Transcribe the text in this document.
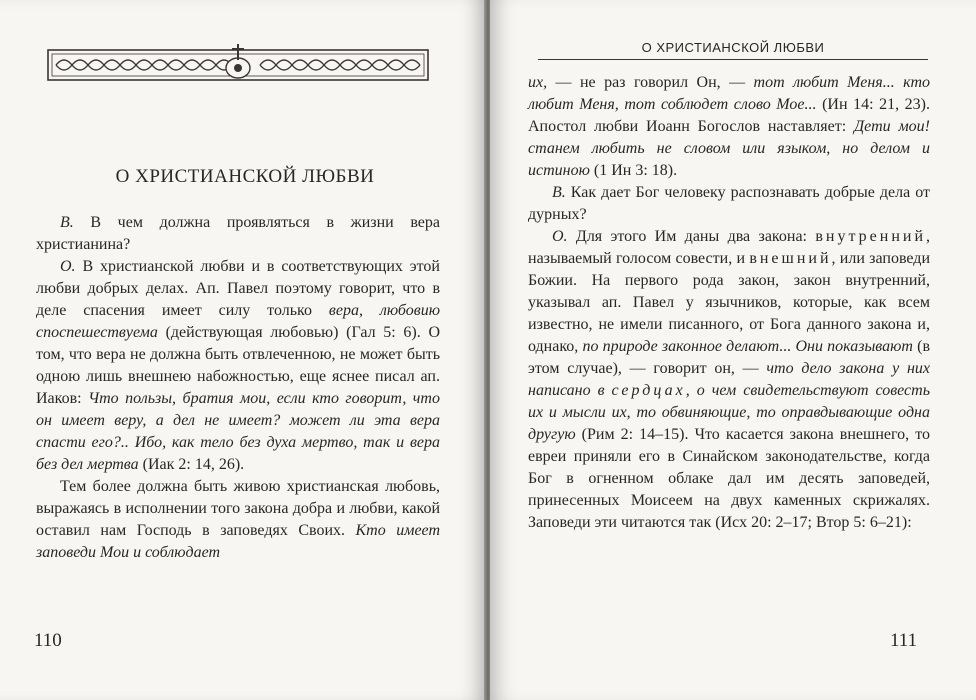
О ХРИСТИАНСКОЙ ЛЮБВИ

В. В чем должна проявляться в жизни вера христианина?

О. В христианской любви и в соответствующих этой любви добрых делах. Ап. Павел поэтому говорит, что в деле спасения имеет силу только вера, любовию споспешествуема (действующая любовью) (Гал 5: 6). О том, что вера не должна быть отвлеченною, не может быть одною лишь внешнею набожностью, еще яснее писал ап. Иаков: Что пользы, братия мои, если кто говорит, что он имеет веру, а дел не имеет? может ли эта вера спасти его?.. Ибо, как тело без духа мертво, так и вера без дел мертва (Иак 2: 14, 26).

Тем более должна быть живою христианская любовь, выражаясь в исполнении того закона добра и любви, какой оставил нам Господь в заповедях Своих. Кто имеет заповеди Мои и соблюдает

110
О ХРИСТИАНСКОЙ ЛЮБВИ

их, — не раз говорил Он, — тот любит Меня... кто любит Меня, тот соблюдет слово Мое... (Ин 14: 21, 23). Апостол любви Иоанн Богослов наставляет: Дети мои! станем любить не словом или языком, но делом и истиною (1 Ин 3: 18).

В. Как дает Бог человеку распознавать добрые дела от дурных?

О. Для этого Им даны два закона: внутренний, называемый голосом совести, и внешний, или заповеди Божии. На первого рода закон, закон внутренний, указывал ап. Павел у язычников, которые, как всем известно, не имели писанного, от Бога данного закона и, однако, по природе законное делают... Они показывают (в этом случае), — говорит он, — что дело закона у них написано в сердцах, о чем свидетельствуют совесть их и мысли их, то обвиняющие, то оправдывающие одна другую (Рим 2: 14–15). Что касается закона внешнего, то евреи приняли его в Синайском законодательстве, когда Бог в огненном облаке дал им десять заповедей, принесенных Моисеем на двух каменных скрижалях. Заповеди эти читаются так (Исх 20: 2–17; Втор 5: 6–21):

111
